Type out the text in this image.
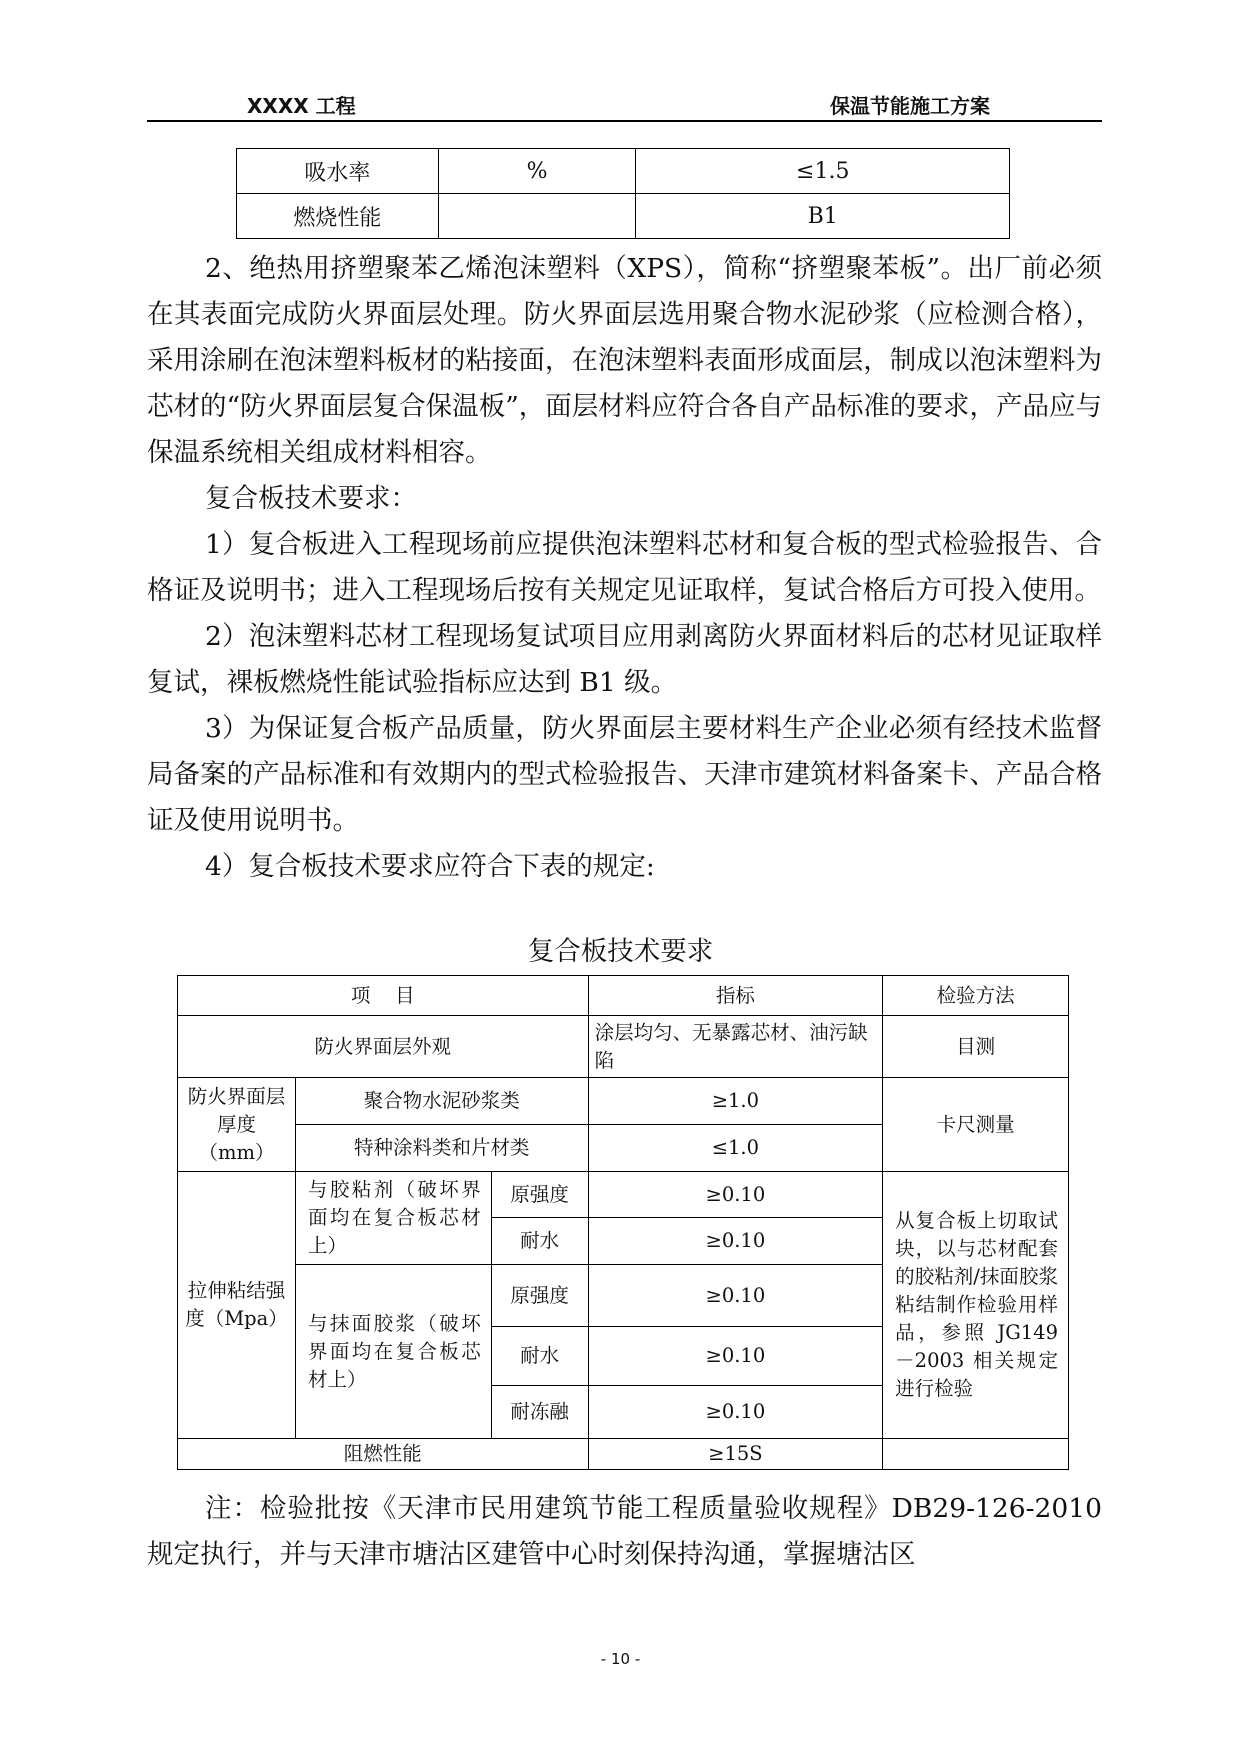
XXXX 工程	保温节能施工方案
吸水率	%	≤1.5
燃烧性能		B1

2、绝热用挤塑聚苯乙烯泡沫塑料（XPS），简称“挤塑聚苯板”。出厂前必须在其表面完成防火界面层处理。防火界面层选用聚合物水泥砂浆（应检测合格），采用涂刷在泡沫塑料板材的粘接面，在泡沫塑料表面形成面层，制成以泡沫塑料为芯材的“防火界面层复合保温板”，面层材料应符合各自产品标准的要求，产品应与保温系统相关组成材料相容。

复合板技术要求：

1）复合板进入工程现场前应提供泡沫塑料芯材和复合板的型式检验报告、合格证及说明书；进入工程现场后按有关规定见证取样，复试合格后方可投入使用。

2）泡沫塑料芯材工程现场复试项目应用剥离防火界面材料后的芯材见证取样复试，裸板燃烧性能试验指标应达到 B1 级。

3）为保证复合板产品质量，防火界面层主要材料生产企业必须有经技术监督局备案的产品标准和有效期内的型式检验报告、天津市建筑材料备案卡、产品合格证及使用说明书。

4）复合板技术要求应符合下表的规定:

复合板技术要求
项    目			指标	检验方法
防火界面层外观			涂层均匀、无暴露芯材、油污缺陷	目测
防火界面层厚度（mm）	聚合物水泥砂浆类		≥1.0	卡尺测量
	特种涂料类和片材类		≤1.0	
拉伸粘结强度（Mpa）	与胶粘剂（破坏界面均在复合板芯材上）	原强度	≥0.10	从复合板上切取试块，以与芯材配套的胶粘剂/抹面胶浆粘结制作检验用样品，参照 JG149－2003 相关规定进行检验
		耐水	≥0.10	
	与抹面胶浆（破坏界面均在复合板芯材上）	原强度	≥0.10	
		耐水	≥0.10	
		耐冻融	≥0.10	
阻燃性能			≥15S	

注：检验批按《天津市民用建筑节能工程质量验收规程》DB29-126-2010 规定执行，并与天津市塘沽区建管中心时刻保持沟通，掌握塘沽区

- 10 -
